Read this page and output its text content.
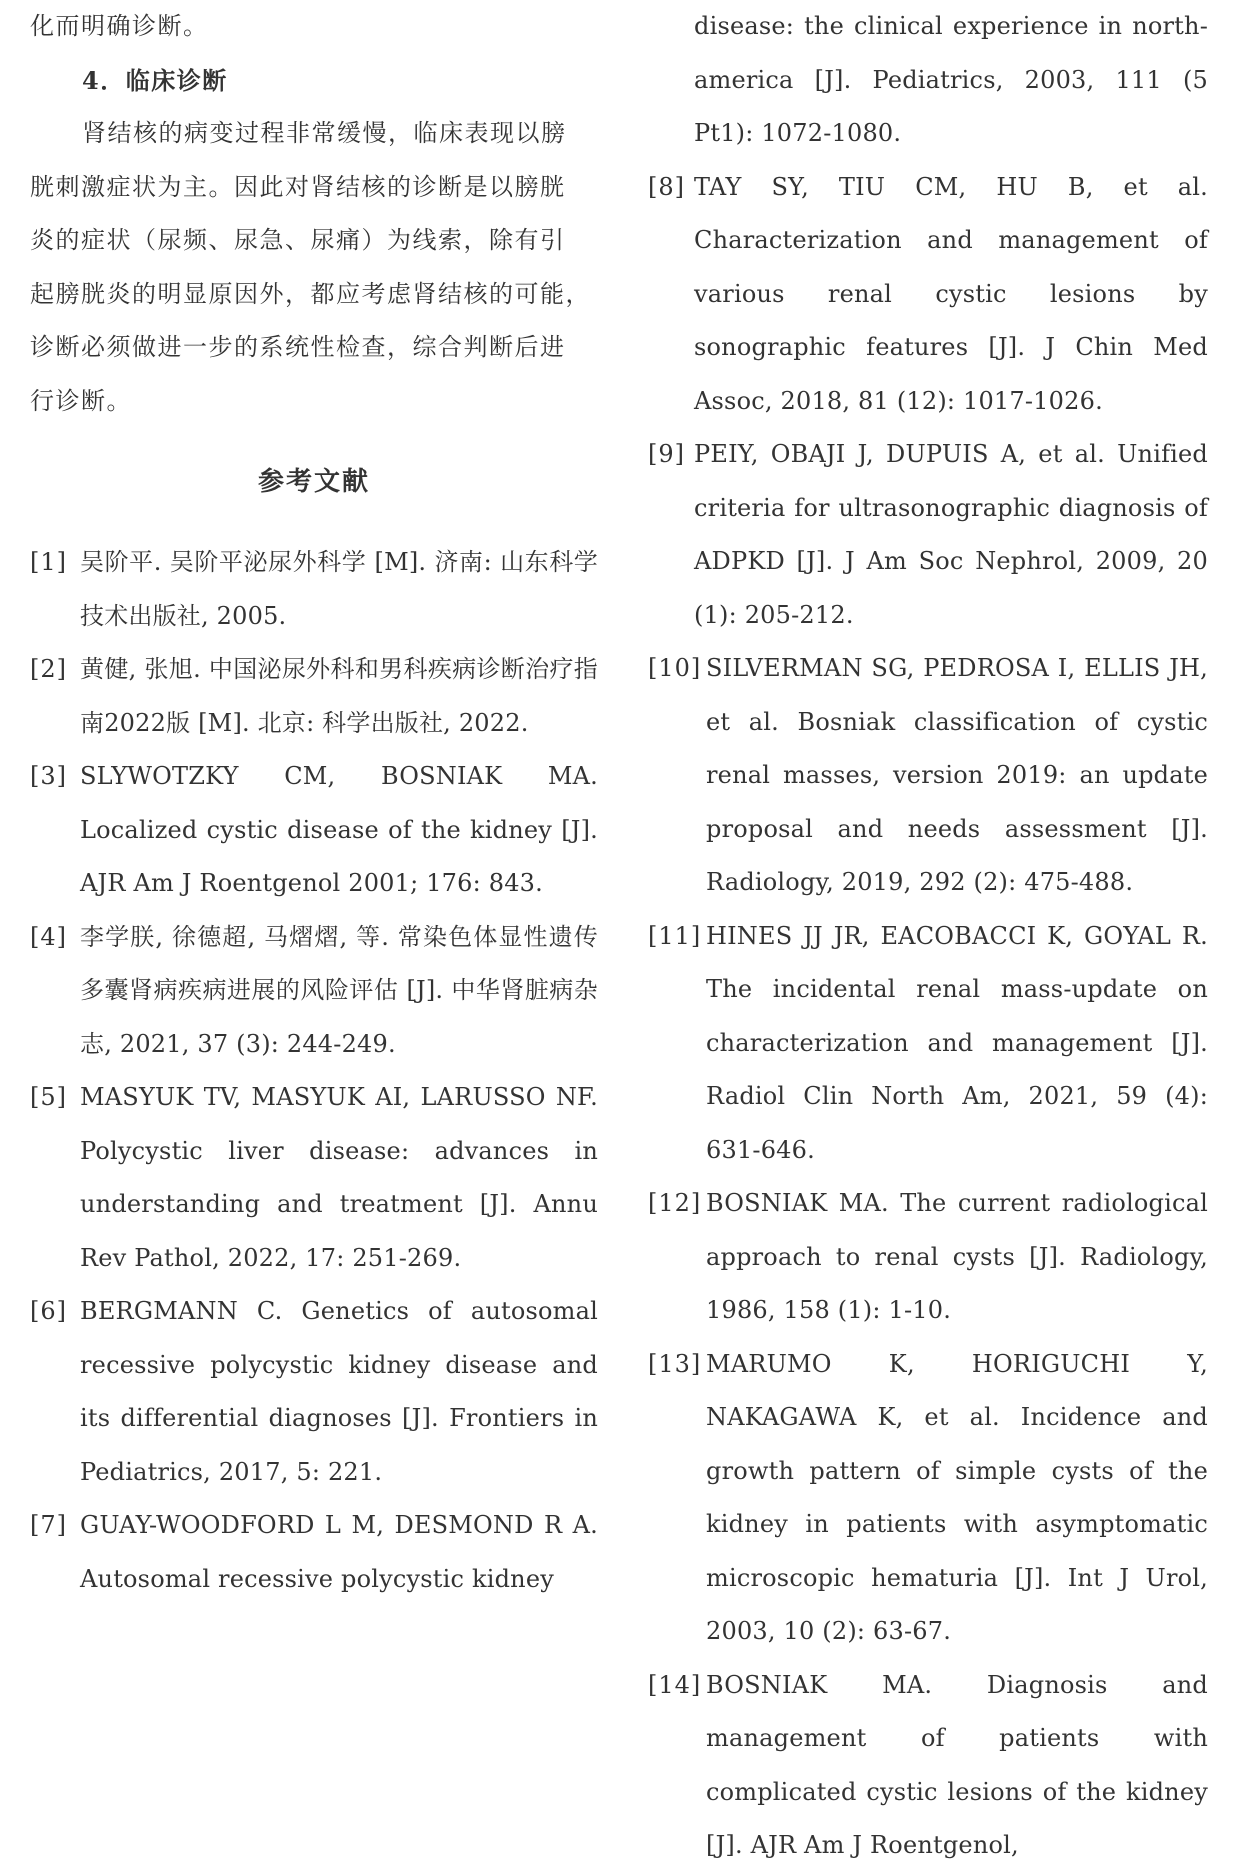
化而明确诊断。
4．临床诊断
肾结核的病变过程非常缓慢，临床表现以膀
胱刺激症状为主。因此对肾结核的诊断是以膀胱
炎的症状（尿频、尿急、尿痛）为线索，除有引
起膀胱炎的明显原因外，都应考虑肾结核的可能，
诊断必须做进一步的系统性检查，综合判断后进
行诊断。
参考文献
[1] 吴阶平. 吴阶平泌尿外科学 [M]. 济南: 山东科学技术出版社, 2005.
[2] 黄健, 张旭. 中国泌尿外科和男科疾病诊断治疗指南2022版 [M]. 北京: 科学出版社, 2022.
[3] SLYWOTZKY CM, BOSNIAK MA. Localized cystic disease of the kidney [J]. AJR Am J Roentgenol 2001; 176: 843.
[4] 李学朕, 徐德超, 马熠熠, 等. 常染色体显性遗传多囊肾病疾病进展的风险评估 [J]. 中华肾脏病杂志, 2021, 37 (3): 244-249.
[5] MASYUK TV, MASYUK AI, LARUSSO NF. Polycystic liver disease: advances in understanding and treatment [J]. Annu Rev Pathol, 2022, 17: 251-269.
[6] BERGMANN C. Genetics of autosomal recessive polycystic kidney disease and its differential diagnoses [J]. Frontiers in Pediatrics, 2017, 5: 221.
[7] GUAY-WOODFORD L M, DESMOND R A. Autosomal recessive polycystic kidney
disease: the clinical experience in north-america [J]. Pediatrics, 2003, 111 (5 Pt1): 1072-1080.
[8] TAY SY, TIU CM, HU B, et al. Characterization and management of various renal cystic lesions by sonographic features [J]. J Chin Med Assoc, 2018, 81 (12): 1017-1026.
[9] PEIY, OBAJI J, DUPUIS A, et al. Unified criteria for ultrasonographic diagnosis of ADPKD [J]. J Am Soc Nephrol, 2009, 20 (1): 205-212.
[10] SILVERMAN SG, PEDROSA I, ELLIS JH, et al. Bosniak classification of cystic renal masses, version 2019: an update proposal and needs assessment [J]. Radiology, 2019, 292 (2): 475-488.
[11] HINES JJ JR, EACOBACCI K, GOYAL R. The incidental renal mass-update on characterization and management [J]. Radiol Clin North Am, 2021, 59 (4): 631-646.
[12] BOSNIAK MA. The current radiological approach to renal cysts [J]. Radiology, 1986, 158 (1): 1-10.
[13] MARUMO K, HORIGUCHI Y, NAKAGAWA K, et al. Incidence and growth pattern of simple cysts of the kidney in patients with asymptomatic microscopic hematuria [J]. Int J Urol, 2003, 10 (2): 63-67.
[14] BOSNIAK MA. Diagnosis and management of patients with complicated cystic lesions of the kidney [J]. AJR Am J Roentgenol,
